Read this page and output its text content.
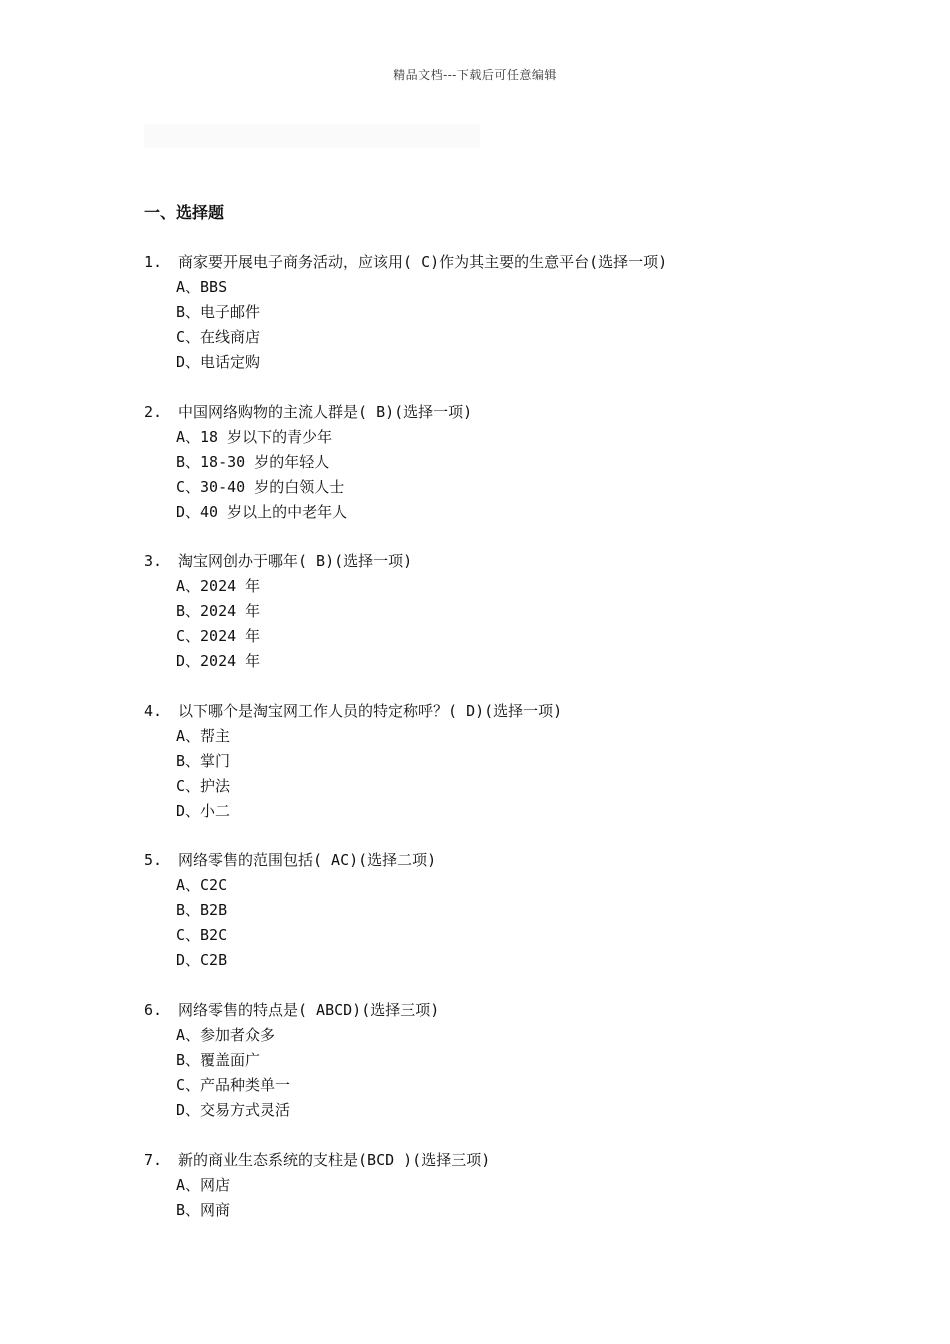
精品文档---下载后可任意编辑
一、选择题
1. 商家要开展电子商务活动，应该用( C)作为其主要的生意平台(选择一项)
A、BBS
B、电子邮件
C、在线商店
D、电话定购
2. 中国网络购物的主流人群是( B)(选择一项)
A、18 岁以下的青少年
B、18-30 岁的年轻人
C、30-40 岁的白领人士
D、40 岁以上的中老年人
3. 淘宝网创办于哪年( B)(选择一项)
A、2024 年
B、2024 年
C、2024 年
D、2024 年
4. 以下哪个是淘宝网工作人员的特定称呼？( D)(选择一项)
A、帮主
B、掌门
C、护法
D、小二
5. 网络零售的范围包括( AC)(选择二项)
A、C2C
B、B2B
C、B2C
D、C2B
6. 网络零售的特点是( ABCD)(选择三项)
A、参加者众多
B、覆盖面广
C、产品种类单一
D、交易方式灵活
7. 新的商业生态系统的支柱是(BCD )(选择三项)
A、网店
B、网商
